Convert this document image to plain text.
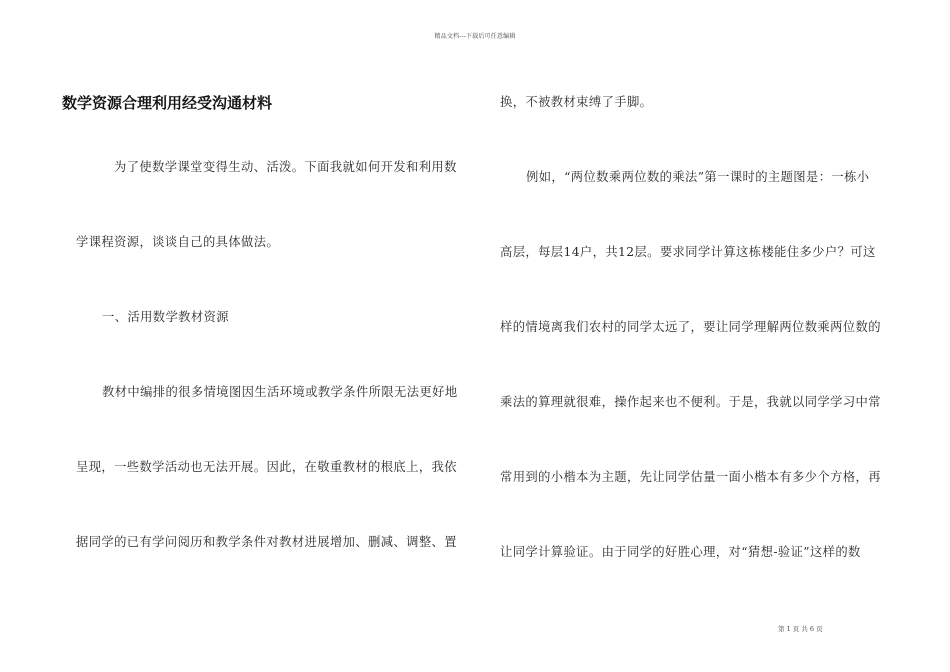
精品文档---下载后可任意编辑
数学资源合理利用经受沟通材料
为了使数学课堂变得生动、活泼。下面我就如何开发和利用数
学课程资源，谈谈自己的具体做法。
一、活用数学教材资源
教材中编排的很多情境图因生活环境或教学条件所限无法更好地
呈现，一些数学活动也无法开展。因此，在敬重教材的根底上，我依
据同学的已有学问阅历和教学条件对教材进展增加、删减、调整、置
换，不被教材束缚了手脚。
例如，“两位数乘两位数的乘法”第一课时的主题图是：一栋小
高层，每层14户，共12层。要求同学计算这栋楼能住多少户？可这
样的情境离我们农村的同学太远了，要让同学理解两位数乘两位数的
乘法的算理就很难，操作起来也不便利。于是，我就以同学学习中常
常用到的小楷本为主题，先让同学估量一面小楷本有多少个方格，再
让同学计算验证。由于同学的好胜心理，对“猜想-验证”这样的数
第 1 页 共 6 页
